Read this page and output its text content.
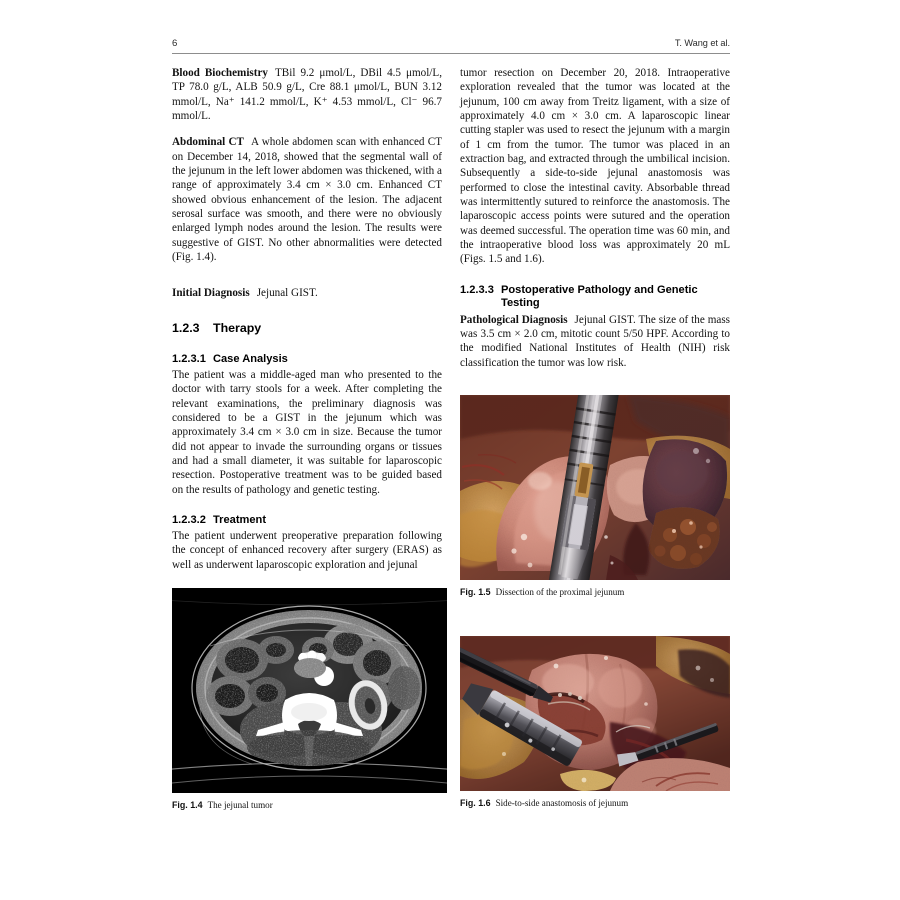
6	T. Wang et al.

Blood Biochemistry TBil 9.2 μmol/L, DBil 4.5 μmol/L, TP 78.0 g/L, ALB 50.9 g/L, Cre 88.1 μmol/L, BUN 3.12 mmol/L, Na⁺ 141.2 mmol/L, K⁺ 4.53 mmol/L, Cl⁻ 96.7 mmol/L.

Abdominal CT A whole abdomen scan with enhanced CT on December 14, 2018, showed that the segmental wall of the jejunum in the left lower abdomen was thickened, with a range of approximately 3.4 cm × 3.0 cm. Enhanced CT showed obvious enhancement of the lesion. The adjacent serosal surface was smooth, and there were no obviously enlarged lymph nodes around the lesion. The results were suggestive of GIST. No other abnormalities were detected (Fig. 1.4).

Initial Diagnosis Jejunal GIST.

1.2.3 Therapy
1.2.3.1 Case Analysis

The patient was a middle-aged man who presented to the doctor with tarry stools for a week. After completing the relevant examinations, the preliminary diagnosis was considered to be a GIST in the jejunum which was approximately 3.4 cm × 3.0 cm in size. Because the tumor did not appear to invade the surrounding organs or tissues and had a small diameter, it was suitable for laparoscopic resection. Postoperative treatment was to be guided based on the results of pathology and genetic testing.

1.2.3.2 Treatment

The patient underwent preoperative preparation following the concept of enhanced recovery after surgery (ERAS) as well as underwent laparoscopic exploration and jejunal

tumor resection on December 20, 2018. Intraoperative exploration revealed that the tumor was located at the jejunum, 100 cm away from Treitz ligament, with a size of approximately 4.0 cm × 3.0 cm. A laparoscopic linear cutting stapler was used to resect the jejunum with a margin of 1 cm from the tumor. The tumor was placed in an extraction bag, and extracted through the umbilical incision. Subsequently a side-to-side jejunal anastomosis was performed to close the intestinal cavity. Absorbable thread was intermittently sutured to reinforce the anastomosis. The laparoscopic access points were sutured and the operation was deemed successful. The operation time was 60 min, and the intraoperative blood loss was approximately 20 mL (Figs. 1.5 and 1.6).

1.2.3.3 Postoperative Pathology and Genetic Testing

Pathological Diagnosis Jejunal GIST. The size of the mass was 3.5 cm × 2.0 cm, mitotic count 5/50 HPF. According to the modified National Institutes of Health (NIH) risk classification the tumor was low risk.

Fig. 1.4 The jejunal tumor
Fig. 1.5 Dissection of the proximal jejunum
Fig. 1.6 Side-to-side anastomosis of jejunum
